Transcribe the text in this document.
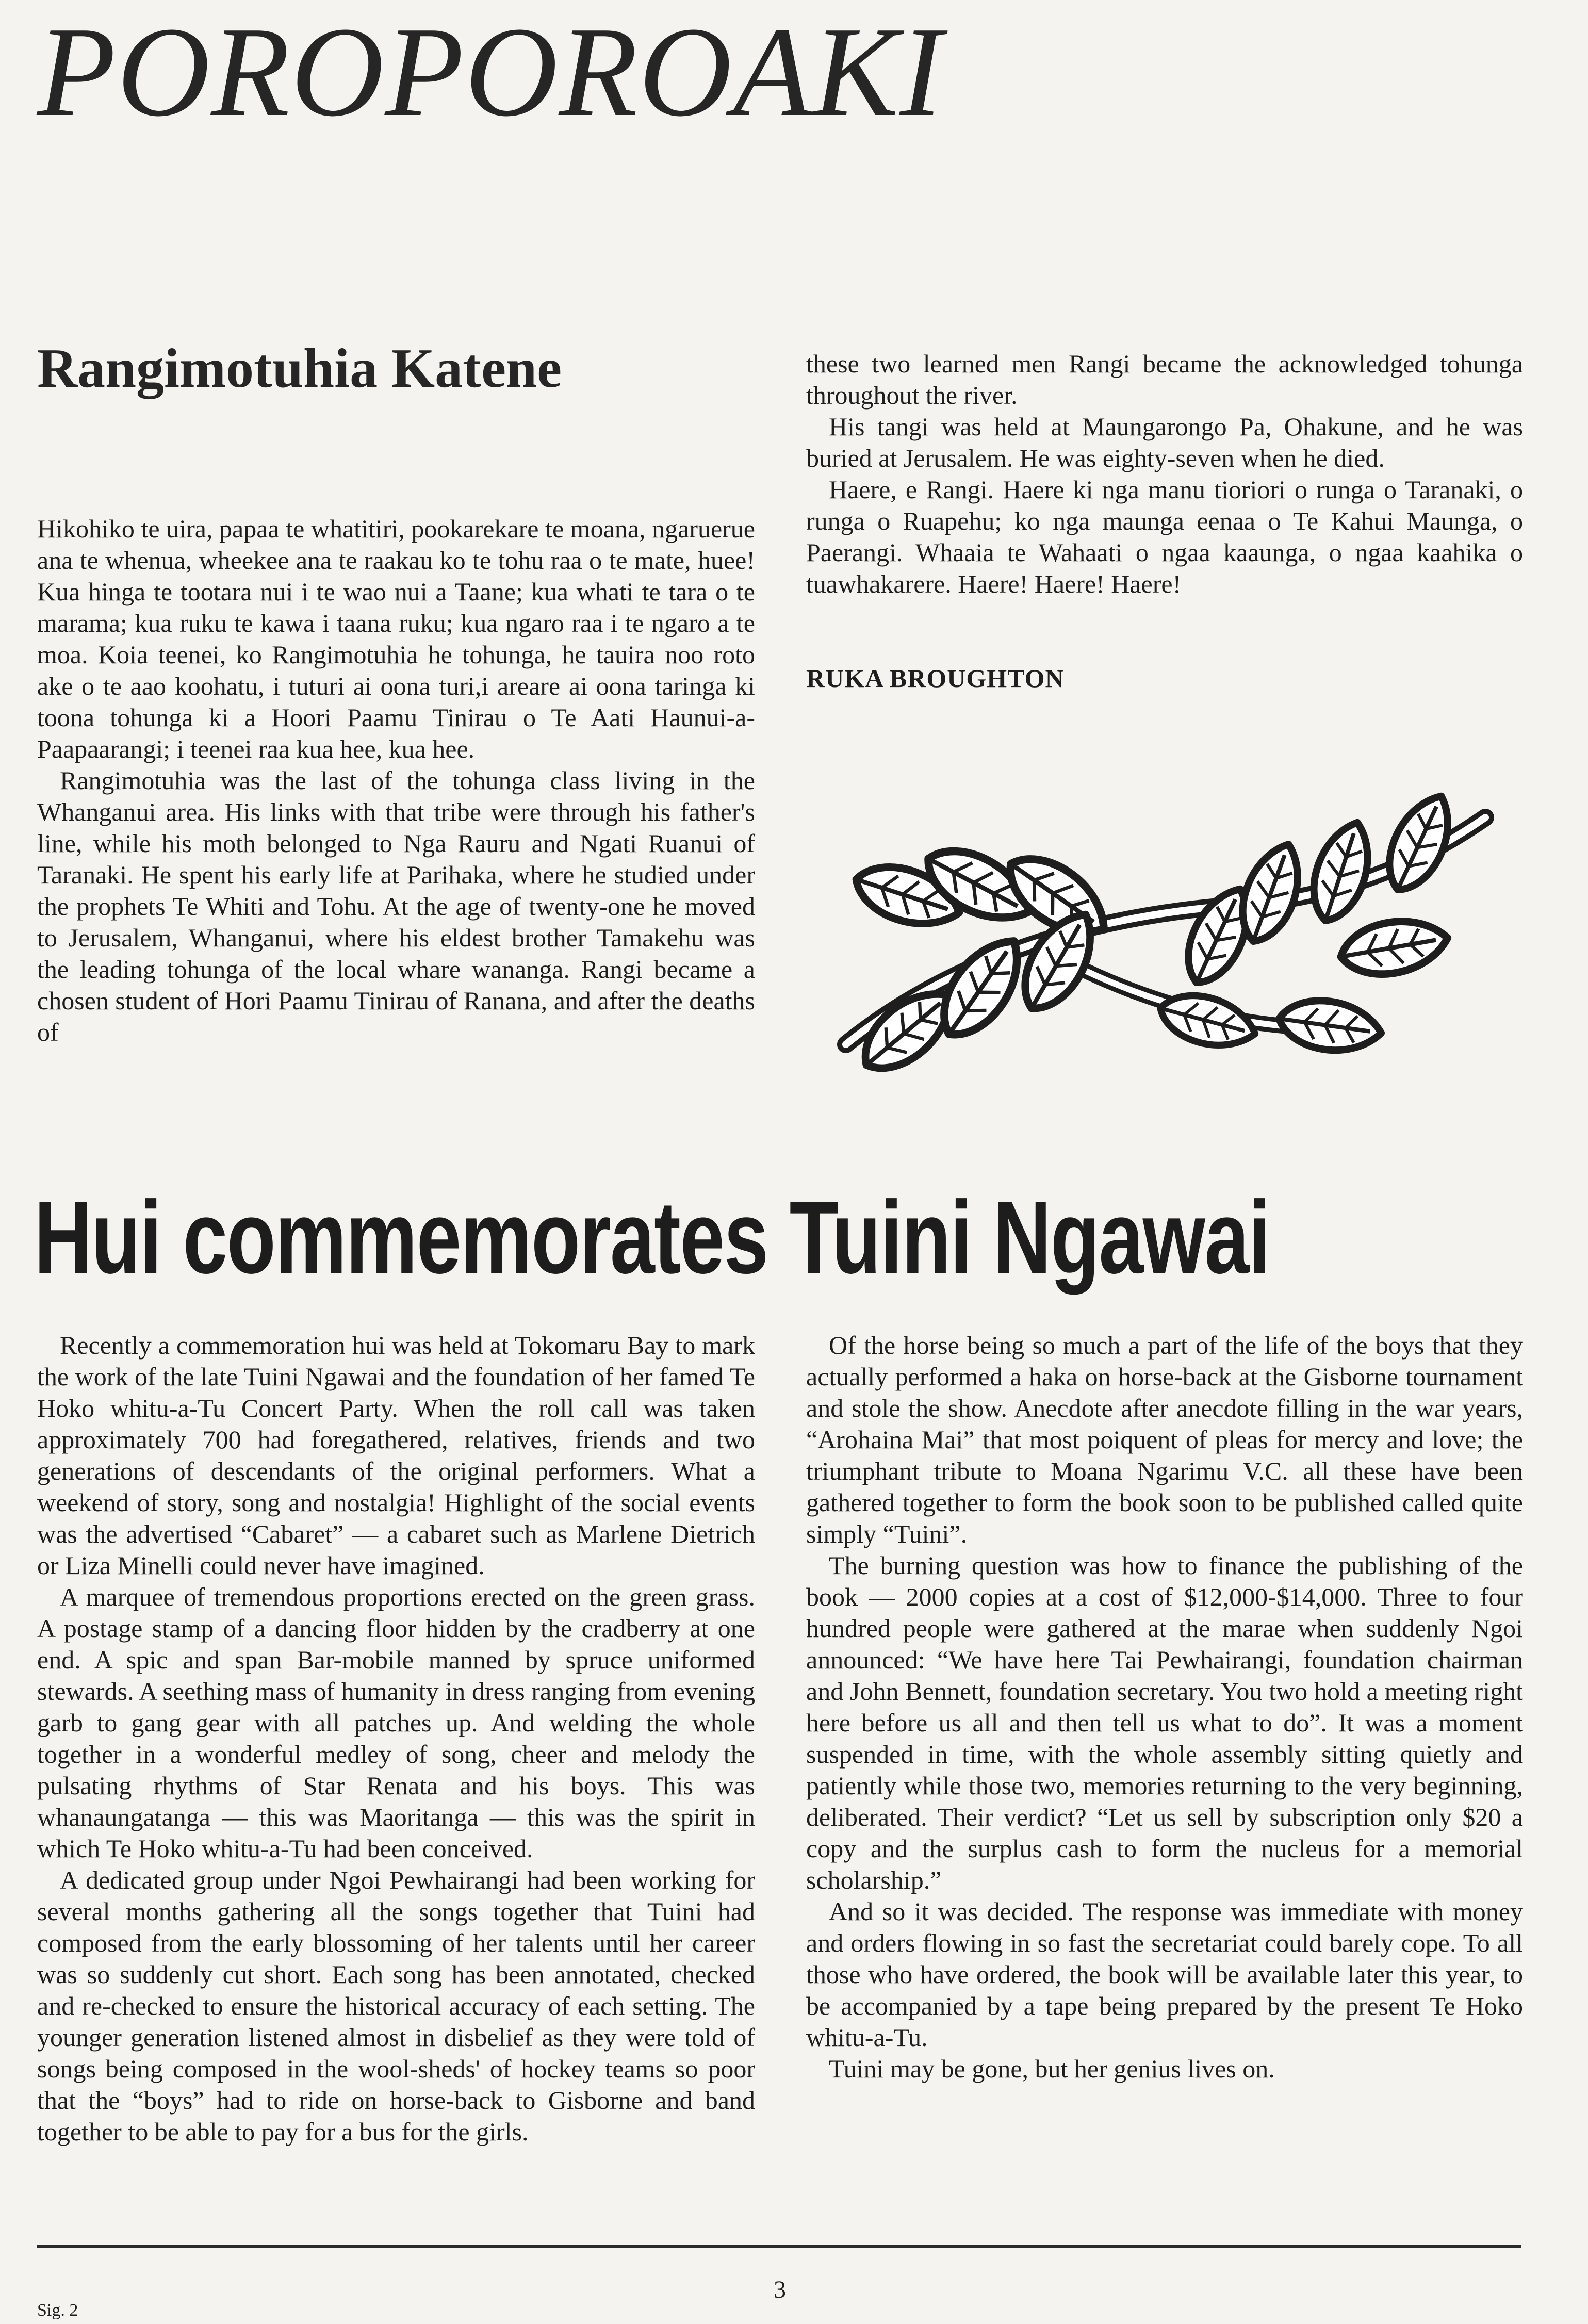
POROPOROAKI
Rangimotuhia Katene

Hikohiko te uira, papaa te whatitiri, pookarekare te moana, ngaruerue ana te whenua, wheekee ana te raakau ko te tohu raa o te mate, huee! Kua hinga te tootara nui i te wao nui a Taane; kua whati te tara o te marama; kua ruku te kawa i taana ruku; kua ngaro raa i te ngaro a te moa. Koia teenei, ko Rangimotuhia he tohunga, he tauira noo roto ake o te aao koohatu, i tuturi ai oona turi,i areare ai oona taringa ki toona tohunga ki a Hoori Paamu Tinirau o Te Aati Haunui-a-Paapaarangi; i teenei raa kua hee, kua hee.

Rangimotuhia was the last of the tohunga class living in the Whanganui area. His links with that tribe were through his father's line, while his moth belonged to Nga Rauru and Ngati Ruanui of Taranaki. He spent his early life at Parihaka, where he studied under the prophets Te Whiti and Tohu. At the age of twenty-one he moved to Jerusalem, Whanganui, where his eldest brother Tamakehu was the leading tohunga of the local whare wananga. Rangi became a chosen student of Hori Paamu Tinirau of Ranana, and after the deaths of

these two learned men Rangi became the acknowledged tohunga throughout the river.

His tangi was held at Maungarongo Pa, Ohakune, and he was buried at Jerusalem. He was eighty-seven when he died.

Haere, e Rangi. Haere ki nga manu tioriori o runga o Taranaki, o runga o Ruapehu; ko nga maunga eenaa o Te Kahui Maunga, o Paerangi. Whaaia te Wahaati o ngaa kaaunga, o ngaa kaahika o tuawhakarere. Haere! Haere! Haere!

RUKA BROUGHTON
Hui commemorates Tuini Ngawai

Recently a commemoration hui was held at Tokomaru Bay to mark the work of the late Tuini Ngawai and the foundation of her famed Te Hoko whitu-a-Tu Concert Party. When the roll call was taken approximately 700 had foregathered, relatives, friends and two generations of descendants of the original performers. What a weekend of story, song and nostalgia! Highlight of the social events was the advertised “Cabaret” — a cabaret such as Marlene Dietrich or Liza Minelli could never have imagined.

A marquee of tremendous proportions erected on the green grass. A postage stamp of a dancing floor hidden by the cradberry at one end. A spic and span Bar-mobile manned by spruce uniformed stewards. A seething mass of humanity in dress ranging from evening garb to gang gear with all patches up. And welding the whole together in a wonderful medley of song, cheer and melody the pulsating rhythms of Star Renata and his boys. This was whanaungatanga — this was Maoritanga — this was the spirit in which Te Hoko whitu-a-Tu had been conceived.

A dedicated group under Ngoi Pewhairangi had been working for several months gathering all the songs together that Tuini had composed from the early blossoming of her talents until her career was so suddenly cut short. Each song has been annotated, checked and re-checked to ensure the historical accuracy of each setting. The younger generation listened almost in disbelief as they were told of songs being composed in the wool-sheds' of hockey teams so poor that the “boys” had to ride on horse-back to Gisborne and band together to be able to pay for a bus for the girls.

Of the horse being so much a part of the life of the boys that they actually performed a haka on horse-back at the Gisborne tournament and stole the show. Anecdote after anecdote filling in the war years, “Arohaina Mai” that most poiquent of pleas for mercy and love; the triumphant tribute to Moana Ngarimu V.C. all these have been gathered together to form the book soon to be published called quite simply “Tuini”.

The burning question was how to finance the publishing of the book — 2000 copies at a cost of $12,000-$14,000. Three to four hundred people were gathered at the marae when suddenly Ngoi announced: “We have here Tai Pewhairangi, foundation chairman and John Bennett, foundation secretary. You two hold a meeting right here before us all and then tell us what to do”. It was a moment suspended in time, with the whole assembly sitting quietly and patiently while those two, memories returning to the very beginning, deliberated. Their verdict? “Let us sell by subscription only $20 a copy and the surplus cash to form the nucleus for a memorial scholarship.”

And so it was decided. The response was immediate with money and orders flowing in so fast the secretariat could barely cope. To all those who have ordered, the book will be available later this year, to be accompanied by a tape being prepared by the present Te Hoko whitu-a-Tu.

Tuini may be gone, but her genius lives on.

3
Sig. 2
